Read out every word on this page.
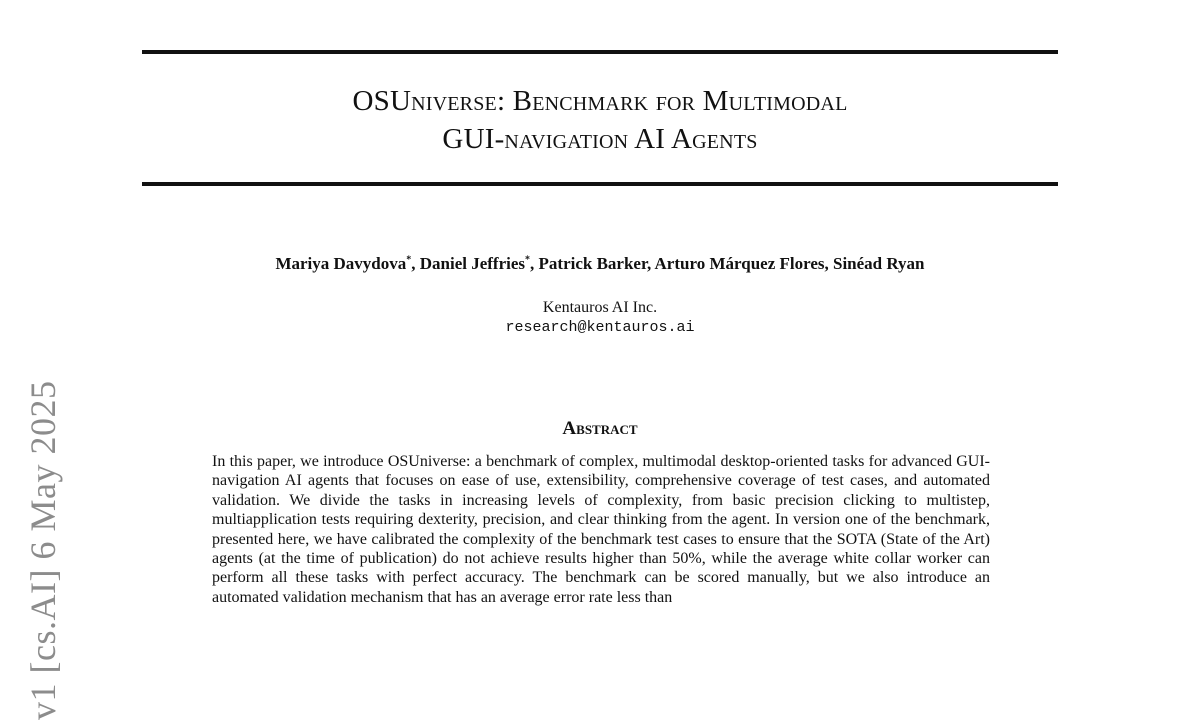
OSUniverse: Benchmark for Multimodal
GUI-navigation AI Agents
Mariya Davydova*, Daniel Jeffries*, Patrick Barker, Arturo Márquez Flores, Sinéad Ryan
Kentauros AI Inc.
research@kentauros.ai
Abstract
In this paper, we introduce OSUniverse: a benchmark of complex, multimodal desktop-oriented tasks for advanced GUI-navigation AI agents that focuses on ease of use, extensibility, comprehensive coverage of test cases, and automated validation. We divide the tasks in increasing levels of complexity, from basic precision clicking to multistep, multiapplication tests requiring dexterity, precision, and clear thinking from the agent. In version one of the benchmark, presented here, we have calibrated the complexity of the benchmark test cases to ensure that the SOTA (State of the Art) agents (at the time of publication) do not achieve results higher than 50%, while the average white collar worker can perform all these tasks with perfect accuracy. The benchmark can be scored manually, but we also introduce an automated validation mechanism that has an average error rate less than
v1 [cs.AI] 6 May 2025
